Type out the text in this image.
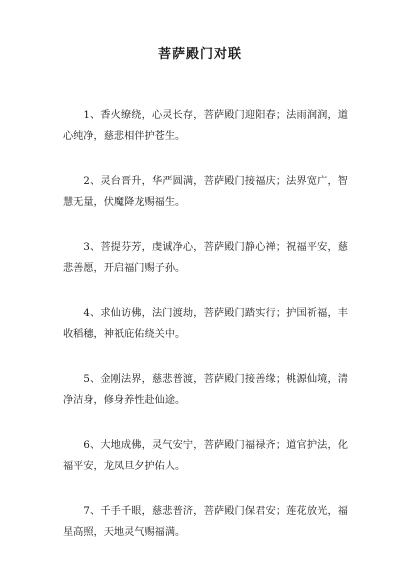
菩萨殿门对联

1、香火缭绕，心灵长存，菩萨殿门迎阳春；法雨润润，道心纯净，慈悲相伴护苍生。

2、灵台晋升，华严圆满，菩萨殿门接福庆；法界宽广，智慧无量，伏魔降龙赐福生。

3、菩提芬芳，虔诚净心，菩萨殿门静心禅；祝福平安，慈悲善愿，开启福门赐子孙。

4、求仙访佛，法门渡劫，菩萨殿门踏实行；护国祈福，丰收稻穗，神祇庇佑绕关中。

5、金刚法界，慈悲普渡，菩萨殿门接善缘；桃源仙境，清净洁身，修身养性赴仙途。

6、大地成佛，灵气安宁，菩萨殿门福禄齐；道官护法，化福平安，龙凤旦夕护佑人。

7、千手千眼，慈悲普济，菩萨殿门保君安；莲花放光，福星高照，天地灵气赐福满。
